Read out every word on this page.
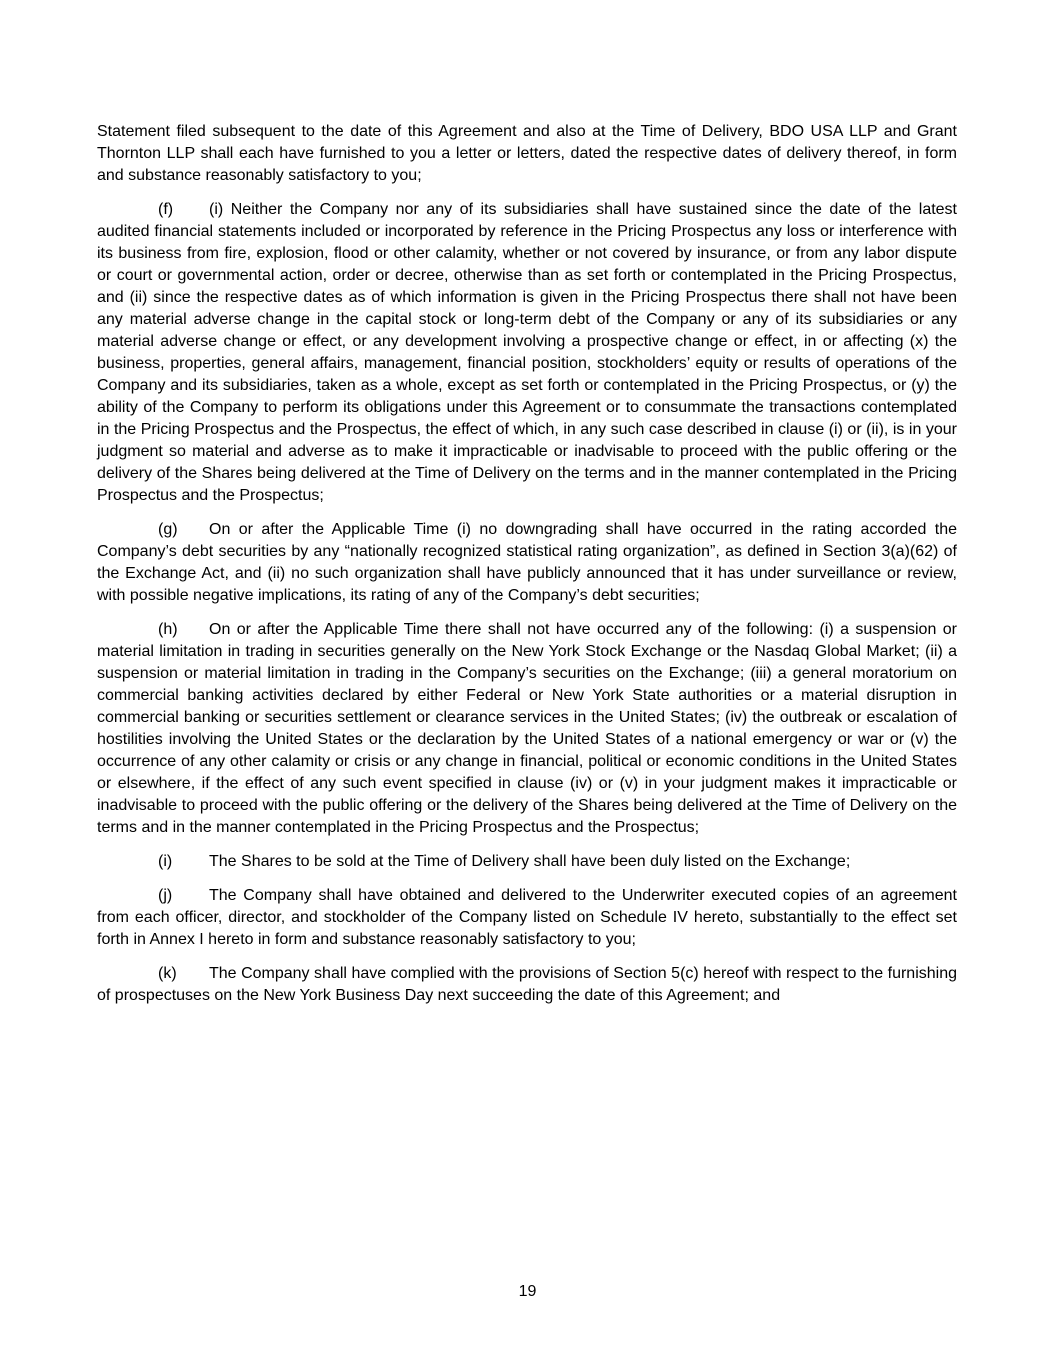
Statement filed subsequent to the date of this Agreement and also at the Time of Delivery, BDO USA LLP and Grant Thornton LLP shall each have furnished to you a letter or letters, dated the respective dates of delivery thereof, in form and substance reasonably satisfactory to you;

(f) (i) Neither the Company nor any of its subsidiaries shall have sustained since the date of the latest audited financial statements included or incorporated by reference in the Pricing Prospectus any loss or interference with its business from fire, explosion, flood or other calamity, whether or not covered by insurance, or from any labor dispute or court or governmental action, order or decree, otherwise than as set forth or contemplated in the Pricing Prospectus, and (ii) since the respective dates as of which information is given in the Pricing Prospectus there shall not have been any material adverse change in the capital stock or long-term debt of the Company or any of its subsidiaries or any material adverse change or effect, or any development involving a prospective change or effect, in or affecting (x) the business, properties, general affairs, management, financial position, stockholders’ equity or results of operations of the Company and its subsidiaries, taken as a whole, except as set forth or contemplated in the Pricing Prospectus, or (y) the ability of the Company to perform its obligations under this Agreement or to consummate the transactions contemplated in the Pricing Prospectus and the Prospectus, the effect of which, in any such case described in clause (i) or (ii), is in your judgment so material and adverse as to make it impracticable or inadvisable to proceed with the public offering or the delivery of the Shares being delivered at the Time of Delivery on the terms and in the manner contemplated in the Pricing Prospectus and the Prospectus;

(g) On or after the Applicable Time (i) no downgrading shall have occurred in the rating accorded the Company’s debt securities by any “nationally recognized statistical rating organization”, as defined in Section 3(a)(62) of the Exchange Act, and (ii) no such organization shall have publicly announced that it has under surveillance or review, with possible negative implications, its rating of any of the Company’s debt securities;

(h) On or after the Applicable Time there shall not have occurred any of the following: (i) a suspension or material limitation in trading in securities generally on the New York Stock Exchange or the Nasdaq Global Market; (ii) a suspension or material limitation in trading in the Company’s securities on the Exchange; (iii) a general moratorium on commercial banking activities declared by either Federal or New York State authorities or a material disruption in commercial banking or securities settlement or clearance services in the United States; (iv) the outbreak or escalation of hostilities involving the United States or the declaration by the United States of a national emergency or war or (v) the occurrence of any other calamity or crisis or any change in financial, political or economic conditions in the United States or elsewhere, if the effect of any such event specified in clause (iv) or (v) in your judgment makes it impracticable or inadvisable to proceed with the public offering or the delivery of the Shares being delivered at the Time of Delivery on the terms and in the manner contemplated in the Pricing Prospectus and the Prospectus;

(i) The Shares to be sold at the Time of Delivery shall have been duly listed on the Exchange;

(j) The Company shall have obtained and delivered to the Underwriter executed copies of an agreement from each officer, director, and stockholder of the Company listed on Schedule IV hereto, substantially to the effect set forth in Annex I hereto in form and substance reasonably satisfactory to you;

(k) The Company shall have complied with the provisions of Section 5(c) hereof with respect to the furnishing of prospectuses on the New York Business Day next succeeding the date of this Agreement; and

19
